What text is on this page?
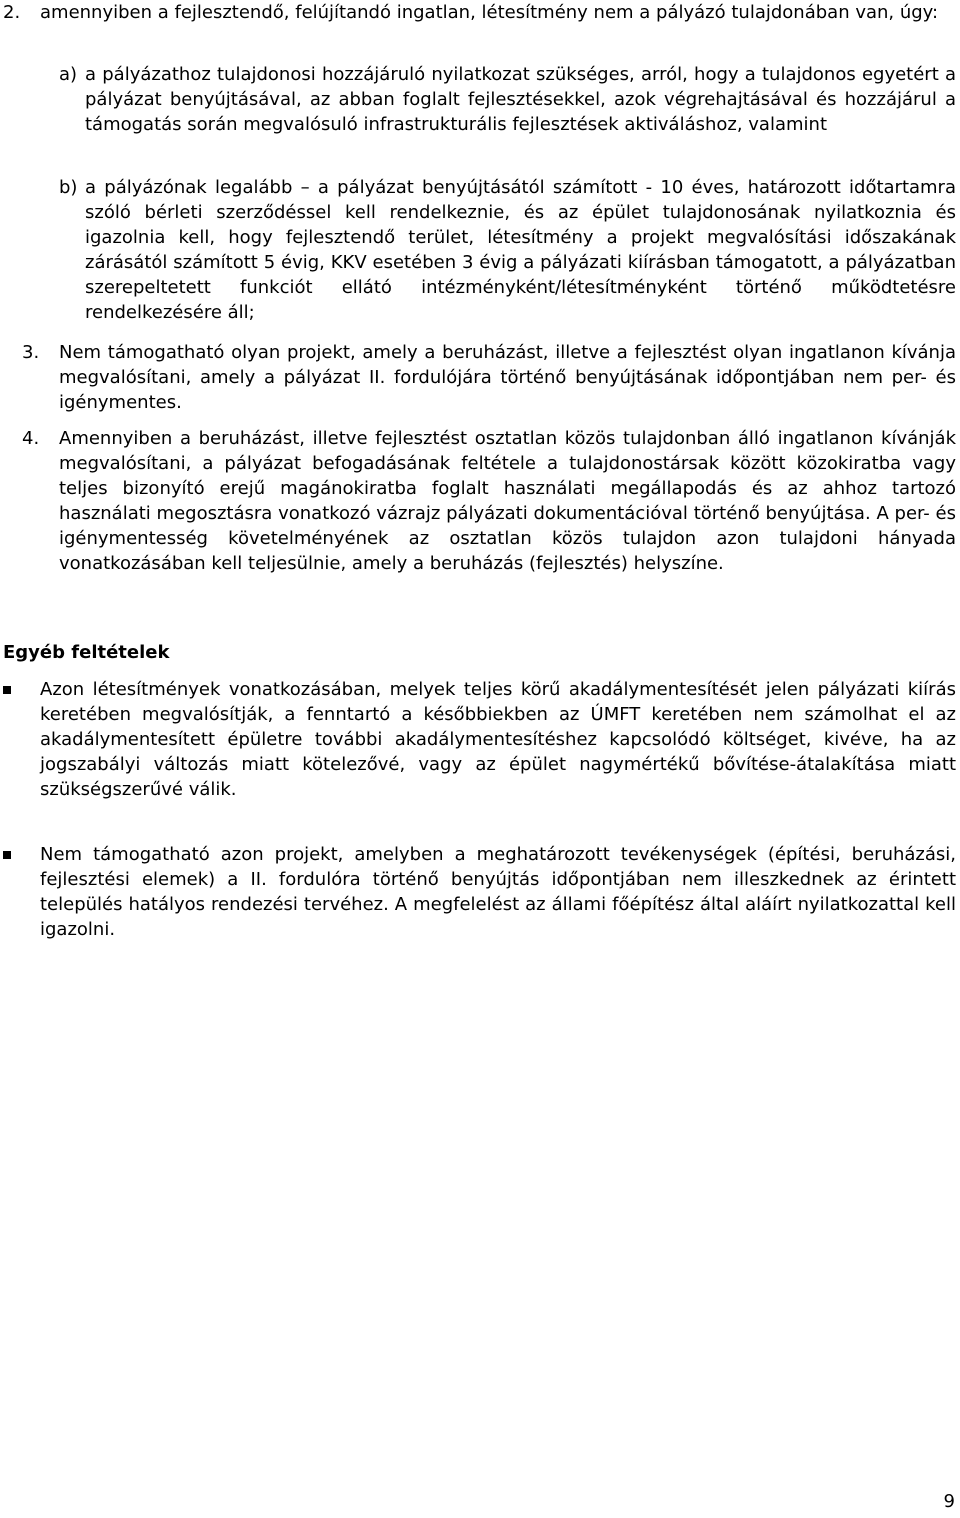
2. amennyiben a fejlesztendő, felújítandó ingatlan, létesítmény nem a pályázó tulajdonában van, úgy:

a) a pályázathoz tulajdonosi hozzájáruló nyilatkozat szükséges, arról, hogy a tulajdonos egyetért a pályázat benyújtásával, az abban foglalt fejlesztésekkel, azok végrehajtásával és hozzájárul a támogatás során megvalósuló infrastrukturális fejlesztések aktiváláshoz, valamint

b) a pályázónak legalább – a pályázat benyújtásától számított - 10 éves, határozott időtartamra szóló bérleti szerződéssel kell rendelkeznie, és az épület tulajdonosának nyilatkoznia és igazolnia kell, hogy fejlesztendő terület, létesítmény a projekt megvalósítási időszakának zárásától számított 5 évig, KKV esetében 3 évig a pályázati kiírásban támogatott, a pályázatban szerepeltetett funkciót ellátó intézményként/létesítményként történő működtetésre rendelkezésére áll;

3. Nem támogatható olyan projekt, amely a beruházást, illetve a fejlesztést olyan ingatlanon kívánja megvalósítani, amely a pályázat II. fordulójára történő benyújtásának időpontjában nem per- és igénymentes.

4. Amennyiben a beruházást, illetve fejlesztést osztatlan közös tulajdonban álló ingatlanon kívánják megvalósítani, a pályázat befogadásának feltétele a tulajdonostársak között közokiratba vagy teljes bizonyító erejű magánokiratba foglalt használati megállapodás és az ahhoz tartozó használati megosztásra vonatkozó vázrajz pályázati dokumentációval történő benyújtása. A per- és igénymentesség követelményének az osztatlan közös tulajdon azon tulajdoni hányada vonatkozásában kell teljesülnie, amely a beruházás (fejlesztés) helyszíne.

Egyéb feltételek

Azon létesítmények vonatkozásában, melyek teljes körű akadálymentesítését jelen pályázati kiírás keretében megvalósítják, a fenntartó a későbbiekben az ÚMFT keretében nem számolhat el az akadálymentesített épületre további akadálymentesítéshez kapcsolódó költséget, kivéve, ha az jogszabályi változás miatt kötelezővé, vagy az épület nagymértékű bővítése-átalakítása miatt szükségszerűvé válik.

Nem támogatható azon projekt, amelyben a meghatározott tevékenységek (építési, beruházási, fejlesztési elemek) a II. fordulóra történő benyújtás időpontjában nem illeszkednek az érintett település hatályos rendezési tervéhez. A megfelelést az állami főépítész által aláírt nyilatkozattal kell igazolni.

9
